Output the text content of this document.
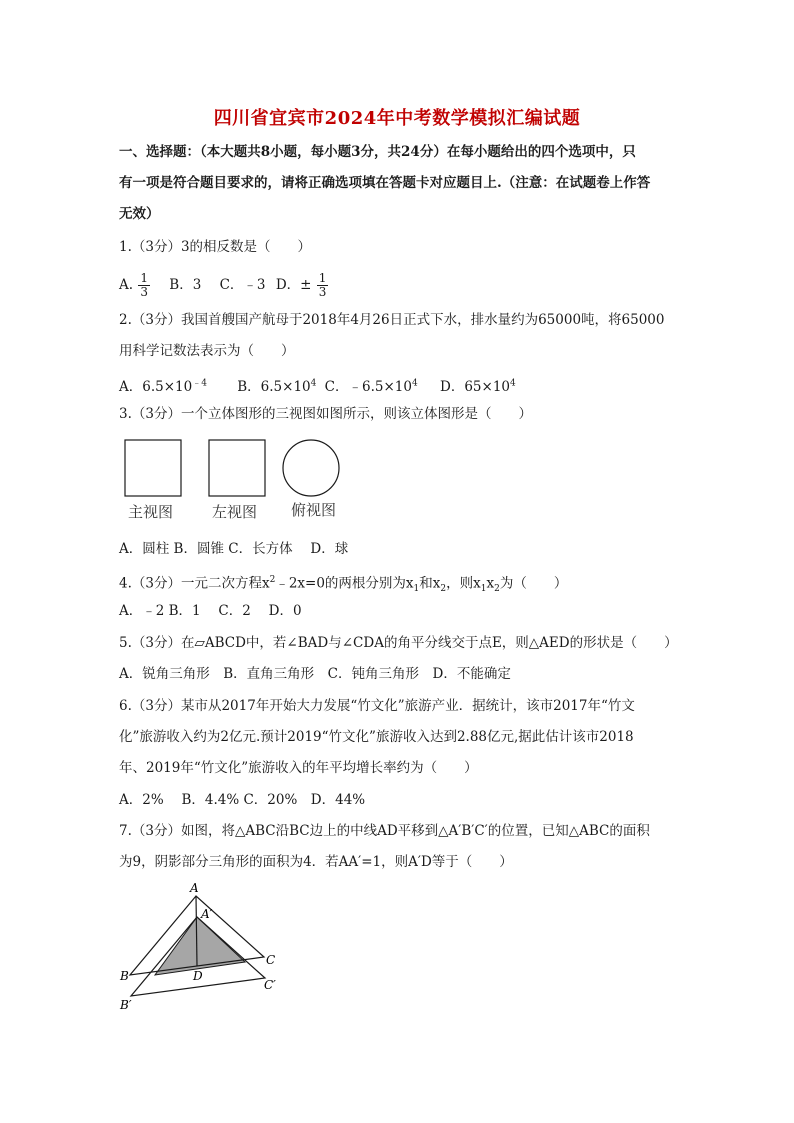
四川省宜宾市2024年中考数学模拟汇编试题
一、选择题：（本大题共8小题，每小题3分，共24分）在每小题给出的四个选项中，只
有一项是符合题目要求的，请将正确选项填在答题卡对应题目上.（注意：在试题卷上作答
无效）
1.（3分）3的相反数是（　　）
A. $\frac{1}{3}$ B．3 C．﹣3 D．± $\frac{1}{3}$
2.（3分）我国首艘国产航母于2018年4月26日正式下水，排水量约为65000吨，将65000
用科学记数法表示为（　　）
A．$6.5\times 10^{﹣4}$ B．$6.5\times 10^4$ C．$﹣6.5\times 10^4$ D．$65\times 10^4$
3.（3分）一个立体图形的三视图如图所示，则该立体图形是（　　）
主视图	左视图 俯视图
A．圆柱 B．圆锥 C．长方体　 D．球
4.（3分）一元二次方程$x^2﹣2x=0$的两根分别为$x_1$和$x_2$，则$x_1x_2$为（　　）
A．﹣2 B．1　 C．2　 D．0
5.（3分）在▱ABCD中，若∠BAD与∠CDA的角平分线交于点E，则△AED的形状是（　　）
A．锐角三角形　B．直角三角形　C．钝角三角形　D．不能确定
6.（3分）某市从2017年开始大力发展“竹文化”旅游产业．据统计，该市2017年“竹文
化”旅游收入约为2亿元.预计2019“竹文化”旅游收入达到2.88亿元,据此估计该市2018
年、2019年“竹文化”旅游收入的年平均增长率约为（　　）
A．2%　 B．4.4% C．20%　D．44%
7.（3分）如图，将△ABC沿BC边上的中线AD平移到△A′B′C′的位置，已知△ABC的面积
为9，阴影部分三角形的面积为4．若AA′=1，则A′D等于（　　）
A
A′
B	D
C
C′
B′
